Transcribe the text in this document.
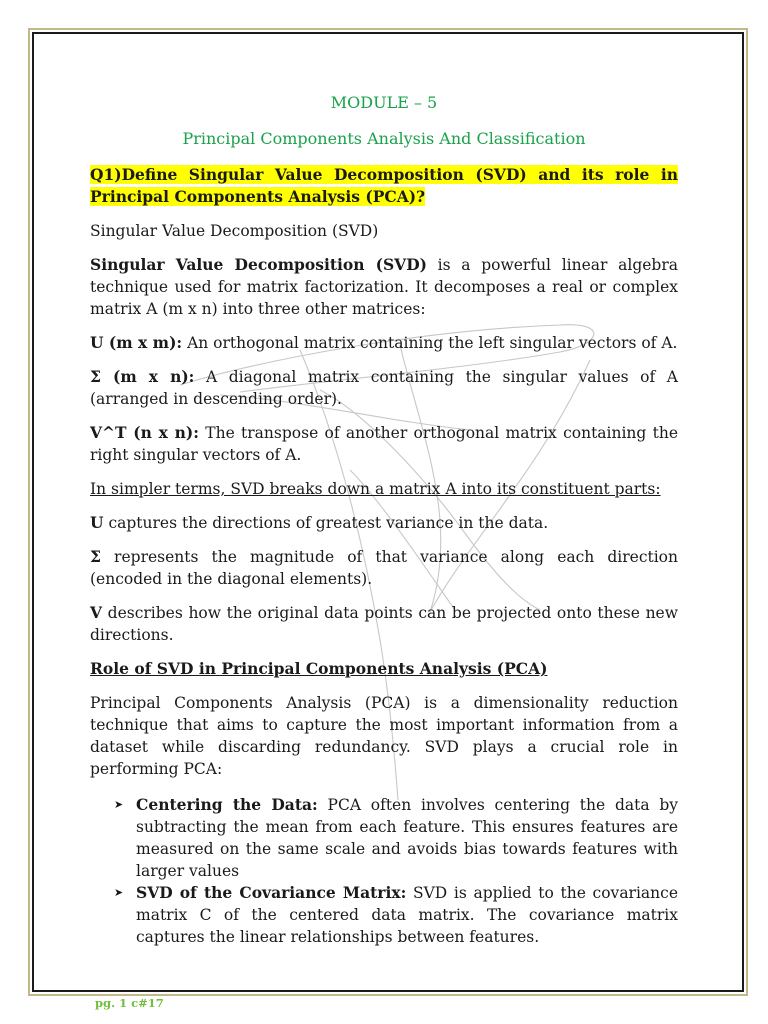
MODULE – 5

Principal Components Analysis And Classification

Q1)Define Singular Value Decomposition (SVD) and its role in Principal Components Analysis (PCA)?

Singular Value Decomposition (SVD)

Singular Value Decomposition (SVD) is a powerful linear algebra technique used for matrix factorization. It decomposes a real or complex matrix A (m x n) into three other matrices:

U (m x m): An orthogonal matrix containing the left singular vectors of A.

Σ (m x n): A diagonal matrix containing the singular values of A (arranged in descending order).

V^T (n x n): The transpose of another orthogonal matrix containing the right singular vectors of A.

In simpler terms, SVD breaks down a matrix A into its constituent parts:

U captures the directions of greatest variance in the data.

Σ represents the magnitude of that variance along each direction (encoded in the diagonal elements).

V describes how the original data points can be projected onto these new directions.

Role of SVD in Principal Components Analysis (PCA)

Principal Components Analysis (PCA) is a dimensionality reduction technique that aims to capture the most important information from a dataset while discarding redundancy. SVD plays a crucial role in performing PCA:

➤ Centering the Data: PCA often involves centering the data by subtracting the mean from each feature. This ensures features are measured on the same scale and avoids bias towards features with larger values
➤ SVD of the Covariance Matrix: SVD is applied to the covariance matrix C of the centered data matrix. The covariance matrix captures the linear relationships between features.
pg. 1 c#17
